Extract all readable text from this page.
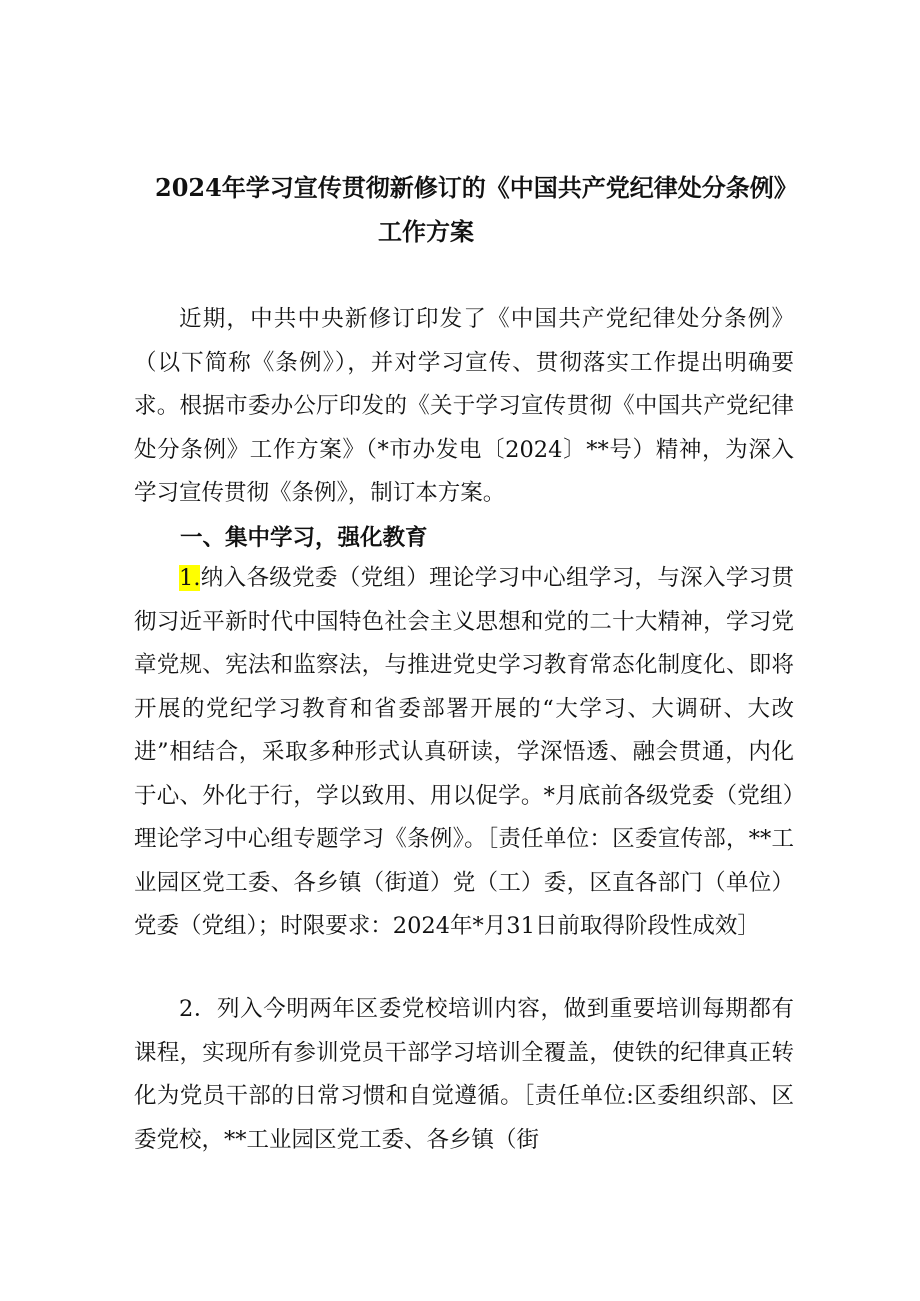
2024年学习宣传贯彻新修订的《中国共产党纪律处分条例》
工作方案

近期，中共中央新修订印发了《中国共产党纪律处分条例》（以下简称《条例》），并对学习宣传、贯彻落实工作提出明确要求。根据市委办公厅印发的《关于学习宣传贯彻《中国共产党纪律处分条例》工作方案》（*市办发电〔2024〕**号）精神，为深入学习宣传贯彻《条例》，制订本方案。

一、集中学习，强化教育

1.纳入各级党委（党组）理论学习中心组学习，与深入学习贯彻习近平新时代中国特色社会主义思想和党的二十大精神，学习党章党规、宪法和监察法，与推进党史学习教育常态化制度化、即将开展的党纪学习教育和省委部署开展的“大学习、大调研、大改进”相结合，采取多种形式认真研读，学深悟透、融会贯通，内化于心、外化于行，学以致用、用以促学。*月底前各级党委（党组）理论学习中心组专题学习《条例》。［责任单位：区委宣传部，**工业园区党工委、各乡镇（街道）党（工）委，区直各部门（单位）党委（党组）；时限要求：2024年*月31日前取得阶段性成效］

2．列入今明两年区委党校培训内容，做到重要培训每期都有课程，实现所有参训党员干部学习培训全覆盖，使铁的纪律真正转化为党员干部的日常习惯和自觉遵循。［责任单位:区委组织部、区委党校，**工业园区党工委、各乡镇（街
